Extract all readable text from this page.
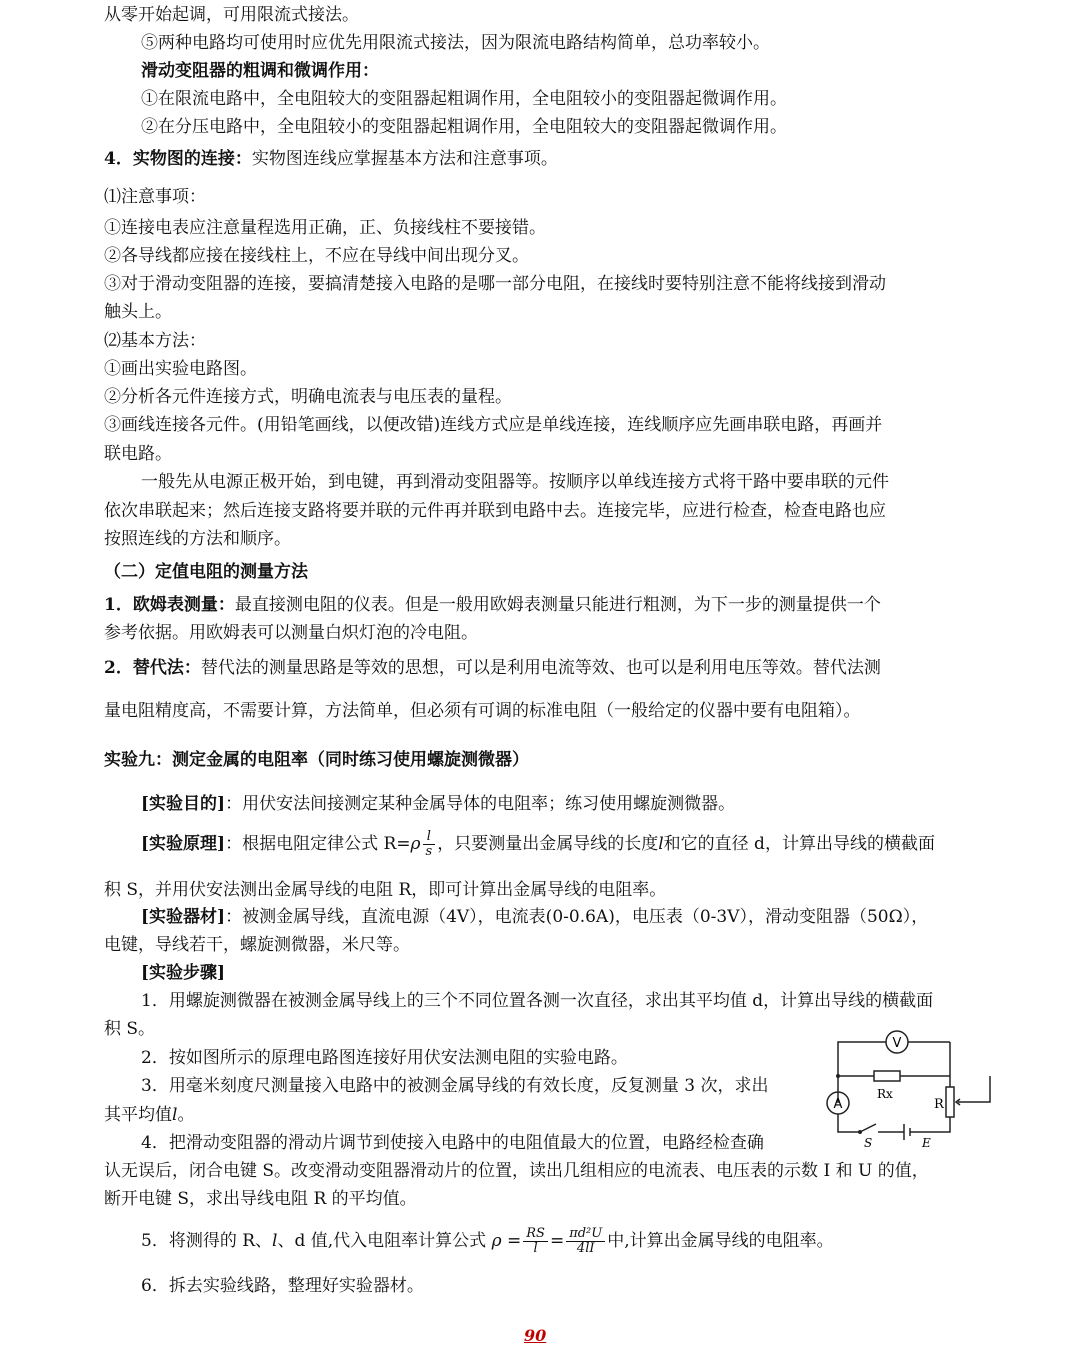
从零开始起调，可用限流式接法。
⑤两种电路均可使用时应优先用限流式接法，因为限流电路结构简单，总功率较小。
滑动变阻器的粗调和微调作用：
①在限流电路中，全电阻较大的变阻器起粗调作用，全电阻较小的变阻器起微调作用。
②在分压电路中，全电阻较小的变阻器起粗调作用，全电阻较大的变阻器起微调作用。
4．实物图的连接：实物图连线应掌握基本方法和注意事项。
⑴注意事项：
①连接电表应注意量程选用正确，正、负接线柱不要接错。
②各导线都应接在接线柱上，不应在导线中间出现分叉。
③对于滑动变阻器的连接，要搞清楚接入电路的是哪一部分电阻，在接线时要特别注意不能将线接到滑动
触头上。
⑵基本方法：
①画出实验电路图。
②分析各元件连接方式，明确电流表与电压表的量程。
③画线连接各元件。(用铅笔画线，以便改错)连线方式应是单线连接，连线顺序应先画串联电路，再画并
联电路。
一般先从电源正极开始，到电键，再到滑动变阻器等。按顺序以单线连接方式将干路中要串联的元件
依次串联起来；然后连接支路将要并联的元件再并联到电路中去。连接完毕，应进行检查，检查电路也应
按照连线的方法和顺序。
（二）定值电阻的测量方法
1．欧姆表测量：最直接测电阻的仪表。但是一般用欧姆表测量只能进行粗测，为下一步的测量提供一个
参考依据。用欧姆表可以测量白炽灯泡的冷电阻。
2．替代法：替代法的测量思路是等效的思想，可以是利用电流等效、也可以是利用电压等效。替代法测
量电阻精度高，不需要计算，方法简单，但必须有可调的标准电阻（一般给定的仪器中要有电阻箱）。
实验九：测定金属的电阻率（同时练习使用螺旋测微器）
[实验目的]：用伏安法间接测定某种金属导体的电阻率；练习使用螺旋测微器。
[实验原理]：根据电阻定律公式 $R=\rho \frac{l}{s}$ ，只要测量出金属导线的长度l和它的直径 d，计算出导线的横截面
积 S，并用伏安法测出金属导线的电阻 R，即可计算出金属导线的电阻率。
[实验器材]：被测金属导线，直流电源（4V），电流表(0-0.6A)，电压表（0-3V），滑动变阻器（50Ω），
电键，导线若干，螺旋测微器，米尺等。
[实验步骤]
1．用螺旋测微器在被测金属导线上的三个不同位置各测一次直径，求出其平均值 d，计算出导线的横截面
积 S。
2．按如图所示的原理电路图连接好用伏安法测电阻的实验电路。
3．用毫米刻度尺测量接入电路中的被测金属导线的有效长度，反复测量 3 次，求出
其平均值l。
4．把滑动变阻器的滑动片调节到使接入电路中的电阻值最大的位置，电路经检查确
认无误后，闭合电键 S。改变滑动变阻器滑动片的位置，读出几组相应的电流表、电压表的示数 I 和 U 的值，
断开电键 S，求出导线电阻 R 的平均值。
5．将测得的 R、l、d 值,代入电阻率计算公式 $\rho = \frac{RS}{l} = \frac{\text{πd²U}}{4lI}$ 中,计算出金属导线的电阻率。
6．拆去实验线路，整理好实验器材。
V
A
Rx
R
S	E
90
